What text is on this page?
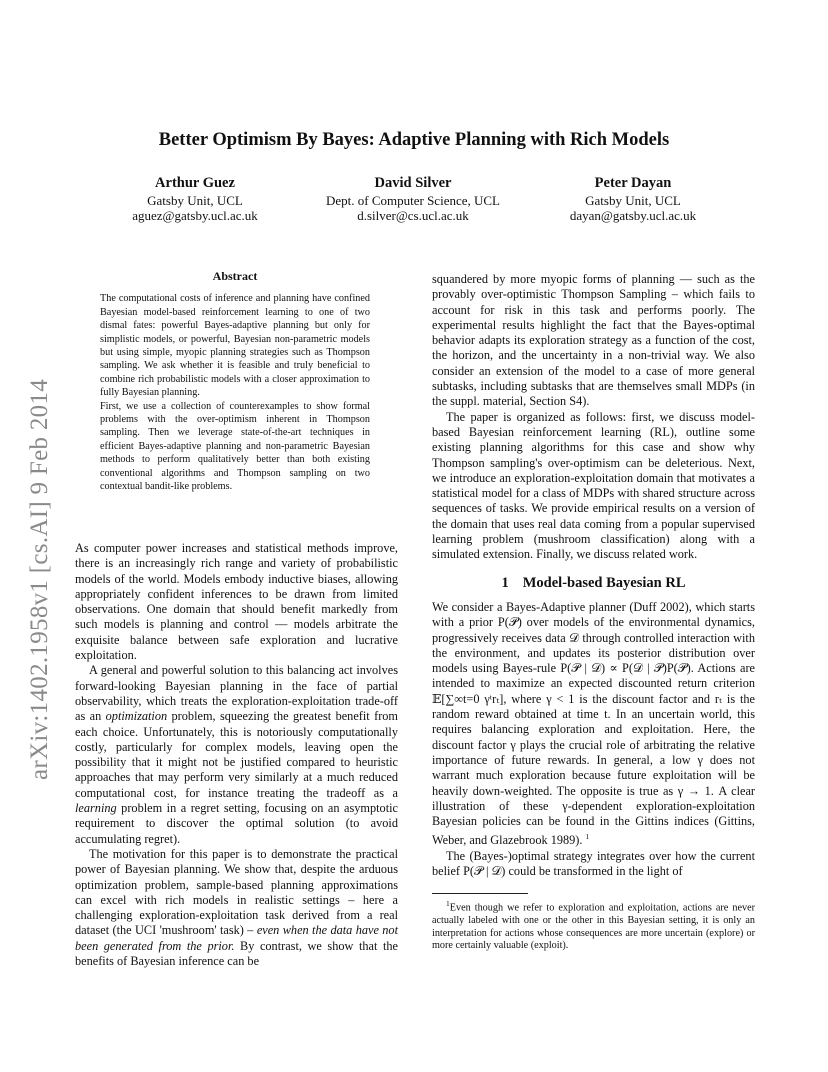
arXiv:1402.1958v1 [cs.AI] 9 Feb 2014
Better Optimism By Bayes: Adaptive Planning with Rich Models
Arthur Guez
Gatsby Unit, UCL
aguez@gatsby.ucl.ac.uk
David Silver
Dept. of Computer Science, UCL
d.silver@cs.ucl.ac.uk
Peter Dayan
Gatsby Unit, UCL
dayan@gatsby.ucl.ac.uk
Abstract

The computational costs of inference and planning have confined Bayesian model-based reinforcement learning to one of two dismal fates: powerful Bayes-adaptive planning but only for simplistic models, or powerful, Bayesian non-parametric models but using simple, myopic planning strategies such as Thompson sampling. We ask whether it is feasible and truly beneficial to combine rich probabilistic models with a closer approximation to fully Bayesian planning.

First, we use a collection of counterexamples to show formal problems with the over-optimism inherent in Thompson sampling. Then we leverage state-of-the-art techniques in efficient Bayes-adaptive planning and non-parametric Bayesian methods to perform qualitatively better than both existing conventional algorithms and Thompson sampling on two contextual bandit-like problems.

As computer power increases and statistical methods improve, there is an increasingly rich range and variety of probabilistic models of the world. Models embody inductive biases, allowing appropriately confident inferences to be drawn from limited observations. One domain that should benefit markedly from such models is planning and control — models arbitrate the exquisite balance between safe exploration and lucrative exploitation.

A general and powerful solution to this balancing act involves forward-looking Bayesian planning in the face of partial observability, which treats the exploration-exploitation trade-off as an optimization problem, squeezing the greatest benefit from each choice. Unfortunately, this is notoriously computationally costly, particularly for complex models, leaving open the possibility that it might not be justified compared to heuristic approaches that may perform very similarly at a much reduced computational cost, for instance treating the tradeoff as a learning problem in a regret setting, focusing on an asymptotic requirement to discover the optimal solution (to avoid accumulating regret).

The motivation for this paper is to demonstrate the practical power of Bayesian planning. We show that, despite the arduous optimization problem, sample-based planning approximations can excel with rich models in realistic settings – here a challenging exploration-exploitation task derived from a real dataset (the UCI 'mushroom' task) – even when the data have not been generated from the prior. By contrast, we show that the benefits of Bayesian inference can be

squandered by more myopic forms of planning — such as the provably over-optimistic Thompson Sampling – which fails to account for risk in this task and performs poorly. The experimental results highlight the fact that the Bayes-optimal behavior adapts its exploration strategy as a function of the cost, the horizon, and the uncertainty in a non-trivial way. We also consider an extension of the model to a case of more general subtasks, including subtasks that are themselves small MDPs (in the suppl. material, Section S4).

The paper is organized as follows: first, we discuss model-based Bayesian reinforcement learning (RL), outline some existing planning algorithms for this case and show why Thompson sampling's over-optimism can be deleterious. Next, we introduce an exploration-exploitation domain that motivates a statistical model for a class of MDPs with shared structure across sequences of tasks. We provide empirical results on a version of the domain that uses real data coming from a popular supervised learning problem (mushroom classification) along with a simulated extension. Finally, we discuss related work.

1 Model-based Bayesian RL

We consider a Bayes-Adaptive planner (Duff 2002), which starts with a prior P(𝒫) over models of the environmental dynamics, progressively receives data 𝒟 through controlled interaction with the environment, and updates its posterior distribution over models using Bayes-rule P(𝒫 | 𝒟) ∝ P(𝒟 | 𝒫)P(𝒫). Actions are intended to maximize an expected discounted return criterion 𝔼[∑∞t=0 γᵗrₜ], where γ < 1 is the discount factor and rₜ is the random reward obtained at time t. In an uncertain world, this requires balancing exploration and exploitation. Here, the discount factor γ plays the crucial role of arbitrating the relative importance of future rewards. In general, a low γ does not warrant much exploration because future exploitation will be heavily down-weighted. The opposite is true as γ → 1. A clear illustration of these γ-dependent exploration-exploitation Bayesian policies can be found in the Gittins indices (Gittins, Weber, and Glazebrook 1989). $^1$

The (Bayes-)optimal strategy integrates over how the current belief P(𝒫 | 𝒟) could be transformed in the light of

$^1$Even though we refer to exploration and exploitation, actions are never actually labeled with one or the other in this Bayesian setting, it is only an interpretation for actions whose consequences are more uncertain (explore) or more certainly valuable (exploit).
